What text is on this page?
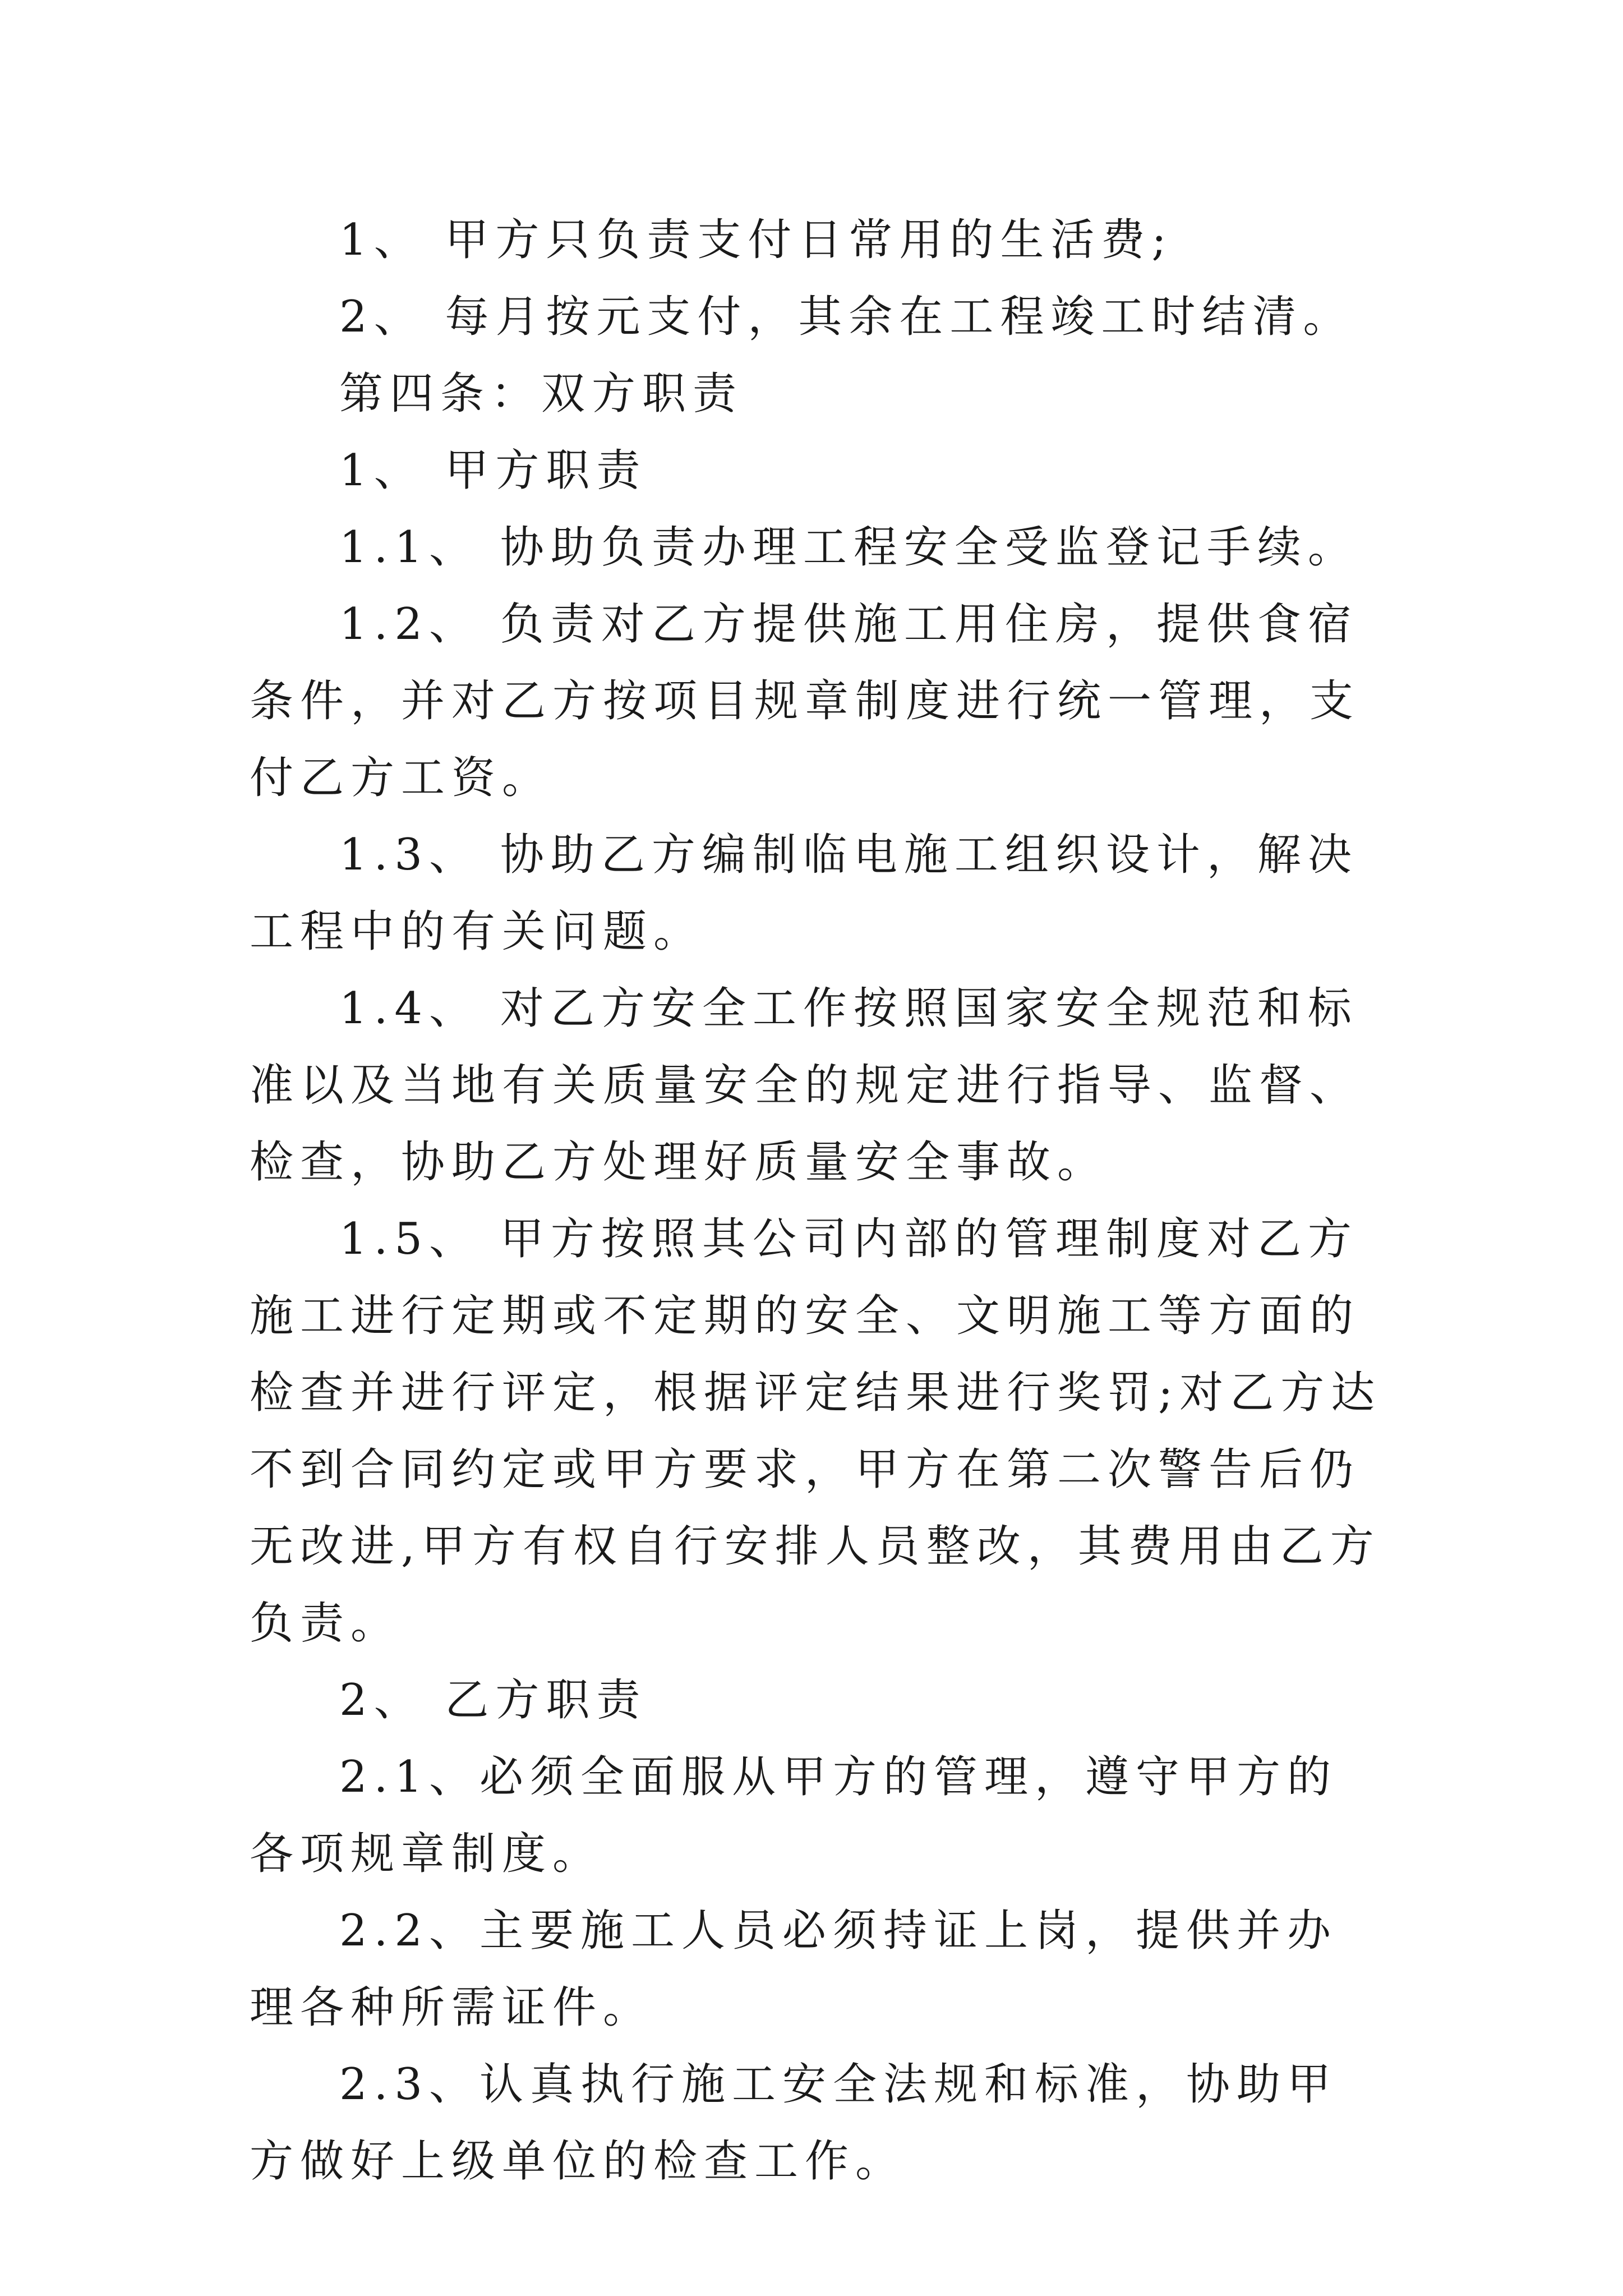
1、 甲方只负责支付日常用的生活费;

2、 每月按元支付，其余在工程竣工时结清。

第四条：双方职责

1、 甲方职责

1.1、 协助负责办理工程安全受监登记手续。

1.2、 负责对乙方提供施工用住房，提供食宿条件，并对乙方按项目规章制度进行统一管理，支付乙方工资。

1.3、 协助乙方编制临电施工组织设计，解决工程中的有关问题。

1.4、 对乙方安全工作按照国家安全规范和标准以及当地有关质量安全的规定进行指导、监督、检查，协助乙方处理好质量安全事故。

1.5、 甲方按照其公司内部的管理制度对乙方施工进行定期或不定期的安全、文明施工等方面的检查并进行评定，根据评定结果进行奖罚;对乙方达不到合同约定或甲方要求，甲方在第二次警告后仍无改进,甲方有权自行安排人员整改，其费用由乙方负责。

2、 乙方职责

2.1、必须全面服从甲方的管理，遵守甲方的各项规章制度。

2.2、主要施工人员必须持证上岗，提供并办理各种所需证件。

2.3、认真执行施工安全法规和标准，协助甲方做好上级单位的检查工作。
